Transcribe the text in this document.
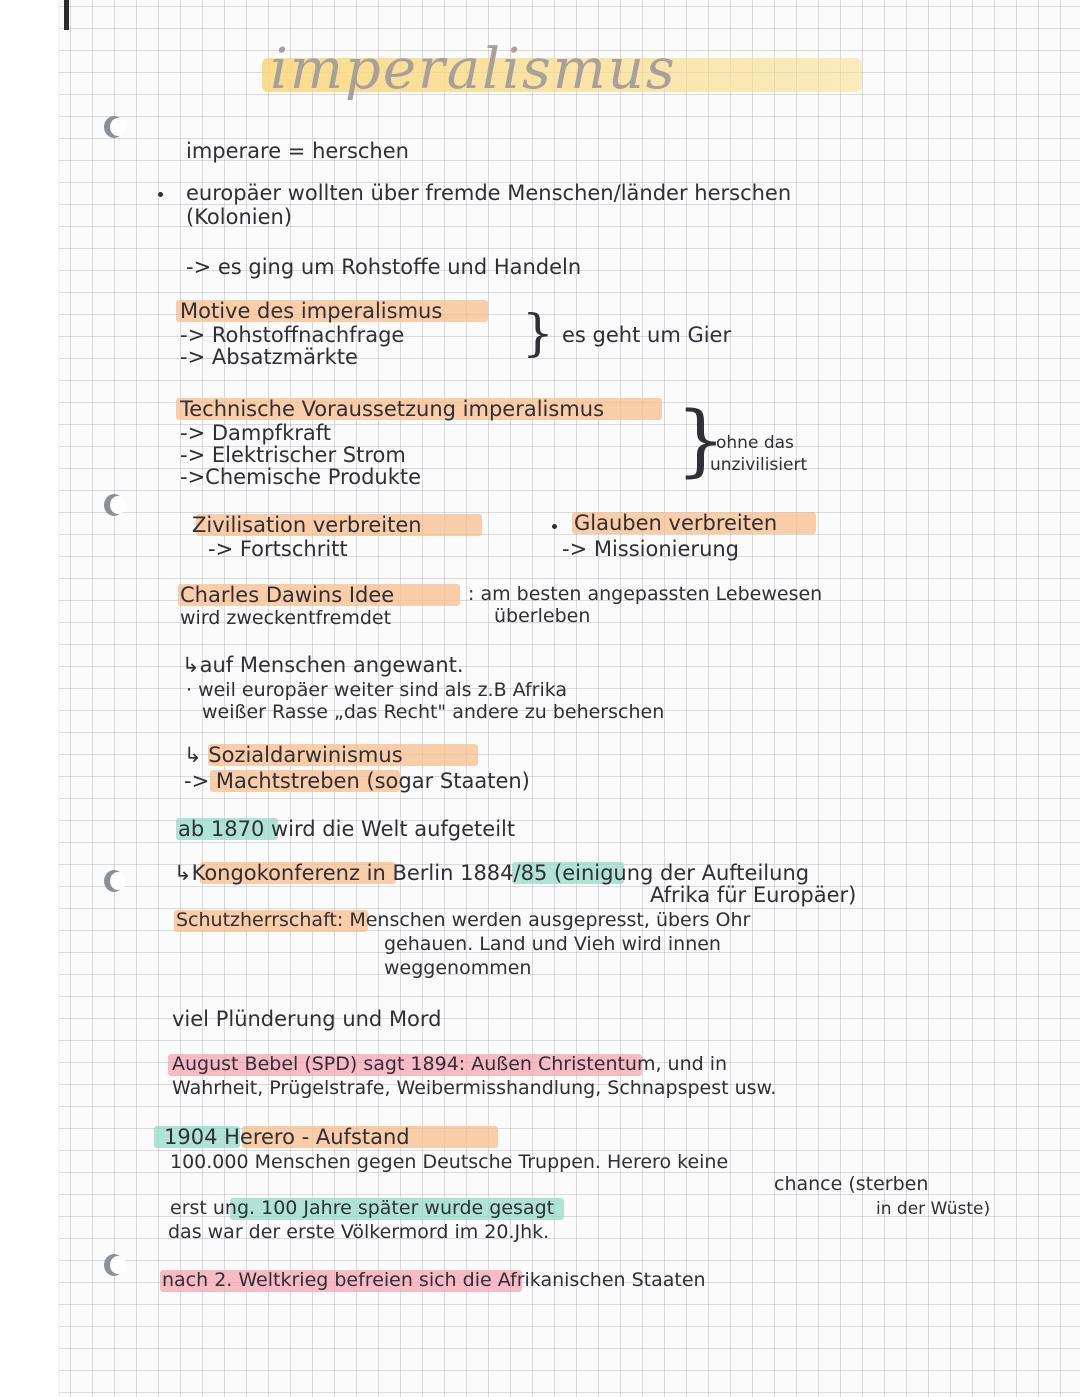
imperalismus
imperare = herschen
europäer wollten über fremde Menschen/länder herschen
(Kolonien)
-> es ging um Rohstoffe und Handeln
Motive des imperalismus
-> Rohstoffnachfrage
-> Absatzmärkte	} es geht um Gier
Technische Voraussetzung imperalismus
-> Dampfkraft
-> Elektrischer Strom
->Chemische Produkte	}
ohne das
unzivilisiert
Zivilisation verbreiten
-> Fortschritt
Glauben verbreiten
-> Missionierung
Charles Dawins Idee
wird zweckentfremdet
: am besten angepassten Lebewesen
überleben
↳auf Menschen angewant.
· weil europäer weiter sind als z.B Afrika
weißer Rasse „das Recht" andere zu beherschen
↳ Sozialdarwinismus
-> Machtstreben (sogar Staaten)
ab 1870 wird die Welt aufgeteilt
↳Kongokonferenz in Berlin 1884/85 (einigung der Aufteilung
Afrika für Europäer)
Schutzherrschaft: Menschen werden ausgepresst, übers Ohr
gehauen. Land und Vieh wird innen
weggenommen
viel Plünderung und Mord
August Bebel (SPD) sagt 1894: Außen Christentum, und in
Wahrheit, Prügelstrafe, Weibermisshandlung, Schnapspest usw.
1904 Herero - Aufstand
100.000 Menschen gegen Deutsche Truppen. Herero keine
chance (sterben
in der Wüste)
erst ung. 100 Jahre später wurde gesagt
das war der erste Völkermord im 20.Jhk.
nach 2. Weltkrieg befreien sich die Afrikanischen Staaten
